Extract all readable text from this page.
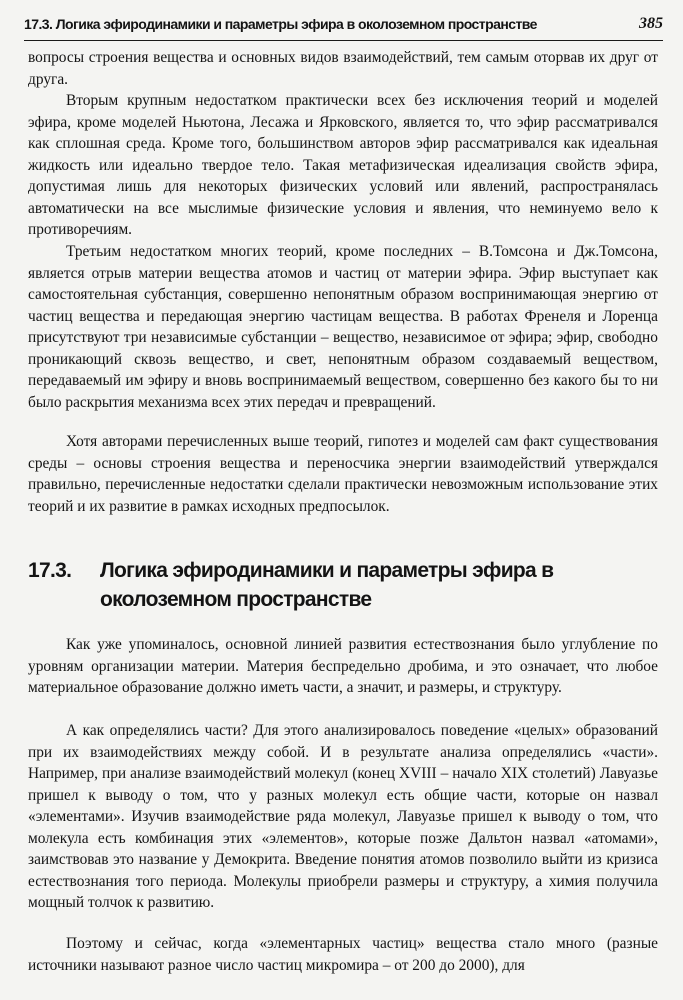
17.3. Логика эфиродинамики и параметры эфира в околоземном пространстве	385

вопросы строения вещества и основных видов взаимодействий, тем самым оторвав их друг от друга.

Вторым крупным недостатком практически всех без исключения теорий и моделей эфира, кроме моделей Ньютона, Лесажа и Ярковского, является то, что эфир рассматривался как сплошная среда. Кроме того, большинством авторов эфир рассматривался как идеальная жидкость или идеально твердое тело. Такая метафизическая идеализация свойств эфира, допустимая лишь для некоторых физических условий или явлений, распространялась автоматически на все мыслимые физические условия и явления, что неминуемо вело к противоречиям.

Третьим недостатком многих теорий, кроме последних – В.Томсона и Дж.Томсона, является отрыв материи вещества атомов и частиц от материи эфира. Эфир выступает как самостоятельная субстанция, совершенно непонятным образом воспринимающая энергию от частиц вещества и передающая энергию частицам вещества. В работах Френеля и Лоренца присутствуют три независимые субстанции – вещество, независимое от эфира; эфир, свободно проникающий сквозь вещество, и свет, непонятным образом создаваемый веществом, передаваемый им эфиру и вновь воспринимаемый веществом, совершенно без какого бы то ни было раскрытия механизма всех этих передач и превращений.

Хотя авторами перечисленных выше теорий, гипотез и моделей сам факт существования среды – основы строения вещества и переносчика энергии взаимодействий утверждался правильно, перечисленные недостатки сделали практически невозможным использование этих теорий и их развитие в рамках исходных предпосылок.

17.3. Логика эфиродинамики и параметры эфира в
околоземном пространстве

Как уже упоминалось, основной линией развития естествознания было углубление по уровням организации материи. Материя беспредельно дробима, и это означает, что любое материальное образование должно иметь части, а значит, и размеры, и структуру.

А как определялись части? Для этого анализировалось поведение «целых» образований при их взаимодействиях между собой. И в результате анализа определялись «части». Например, при анализе взаимодействий молекул (конец XVIII – начало XIX столетий) Лавуазье пришел к выводу о том, что у разных молекул есть общие части, которые он назвал «элементами». Изучив взаимодействие ряда молекул, Лавуазье пришел к выводу о том, что молекула есть комбинация этих «элементов», которые позже Дальтон назвал «атомами», заимствовав это название у Демокрита. Введение понятия атомов позволило выйти из кризиса естествознания того периода. Молекулы приобрели размеры и структуру, а химия получила мощный толчок к развитию.

Поэтому и сейчас, когда «элементарных частиц» вещества стало много (разные источники называют разное число частиц микромира – от 200 до 2000), для
